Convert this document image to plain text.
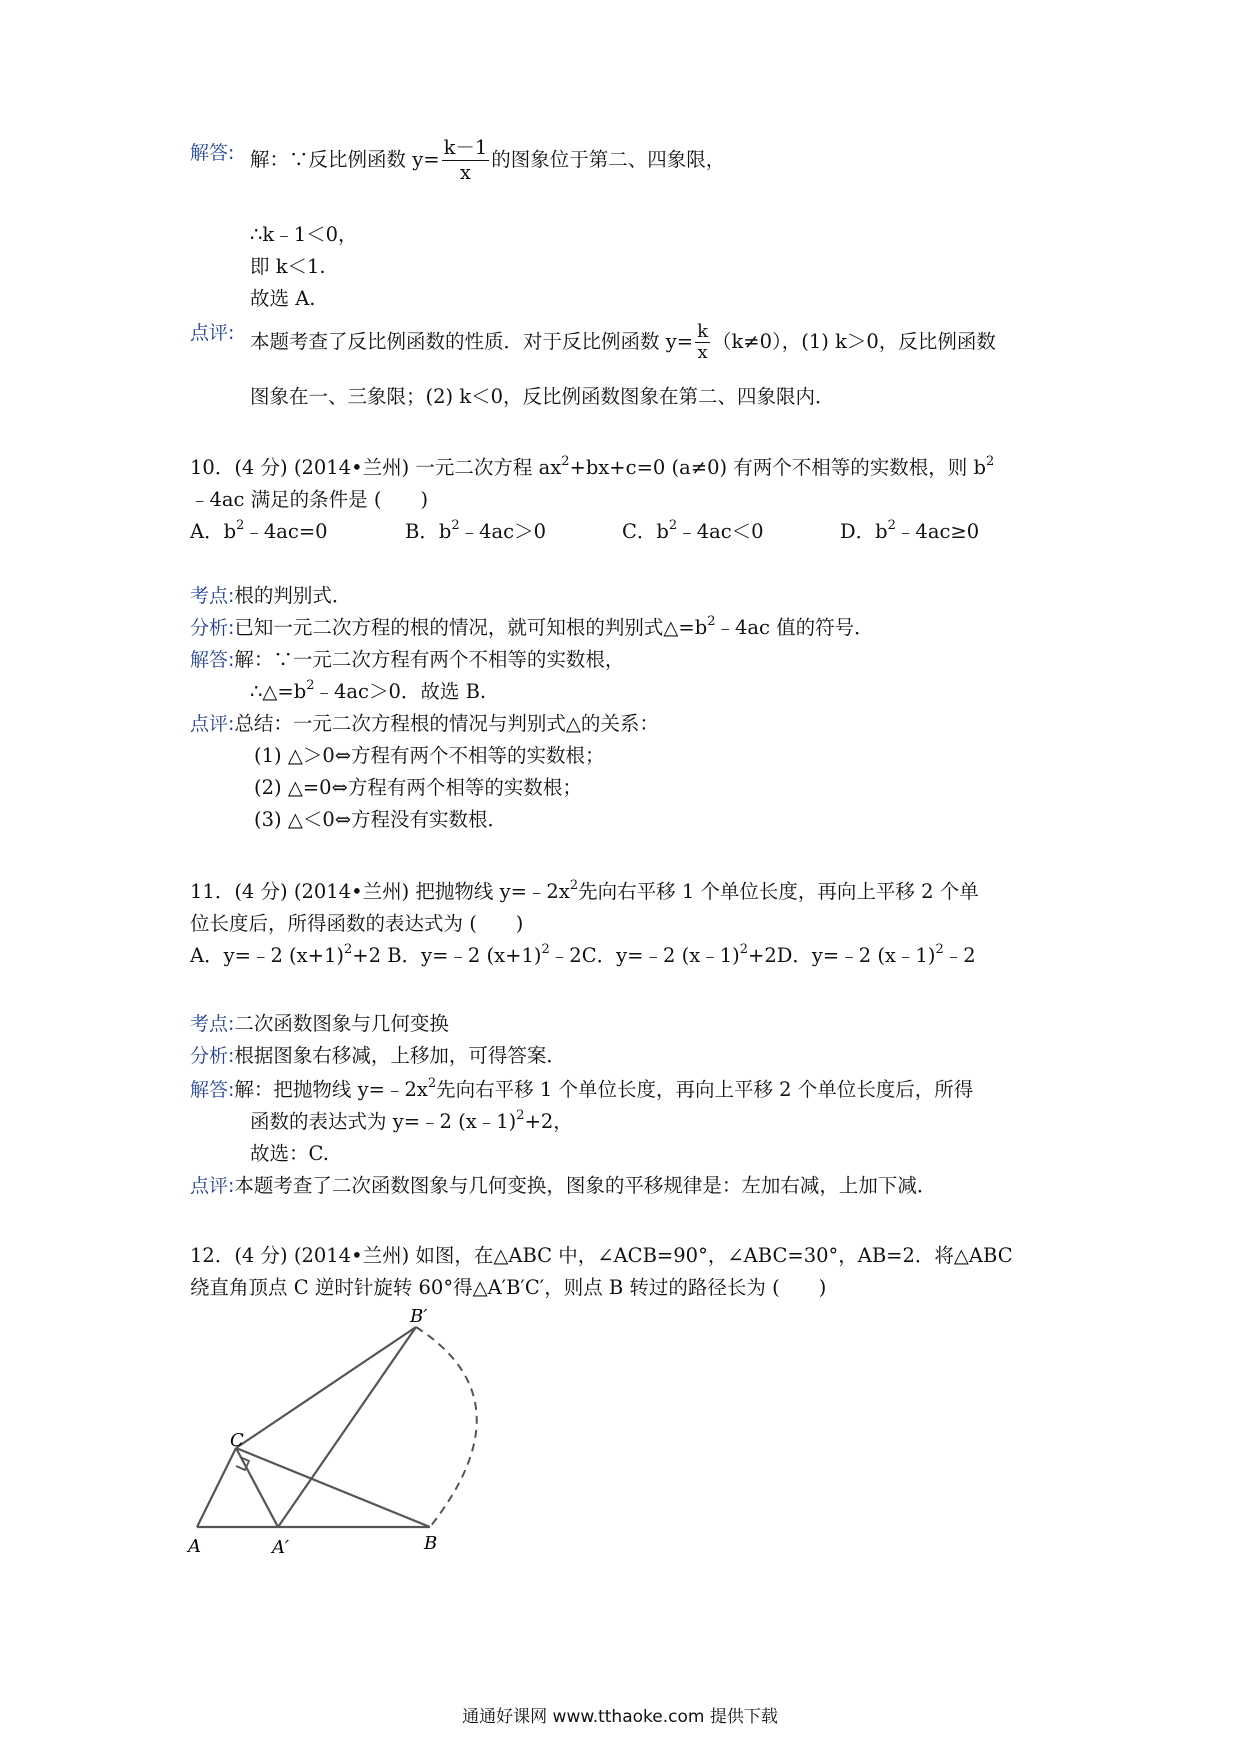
解答: 解：∵反比例函数 $y= \frac{k-1}{x}$ 的图象位于第二、四象限，
∴k﹣1＜0，
即 k＜1.
故选 A.
点评: 本题考查了反比例函数的性质．对于反比例函数 $y= \frac{k}{x} (k\ne 0)$，(1) k＞0，反比例函数
图象在一、三象限；(2) k＜0，反比例函数图象在第二、四象限内．
10．(4 分) (2014•兰州) 一元二次方程 $ax^2+bx+c=0$ (a≠0) 有两个不相等的实数根，则 $b^2$
﹣4ac 满足的条件是 (　　)
A．$b^2﹣4ac=0$	B．$b^2﹣4ac>0$	C．$b^2﹣4ac<0$	D．$b^2﹣4ac\ge 0$
考点:根的判别式．
分析:已知一元二次方程的根的情况，就可知根的判别式$\triangle=b^2﹣4ac$ 值的符号．
解答:解：∵一元二次方程有两个不相等的实数根，
$\therefore\triangle=b^2﹣4ac>0$．故选 B.
点评:总结：一元二次方程根的情况与判别式△的关系：
(1) △＞0⇔方程有两个不相等的实数根；
(2) △=0⇔方程有两个相等的实数根；
(3) △＜0⇔方程没有实数根．
11．(4 分) (2014•兰州) 把抛物线 $y=﹣2x^2$先向右平移 1 个单位长度，再向上平移 2 个单
位长度后，所得函数的表达式为 (　　)
A．y=﹣2 $(x+1)^2+2$ B．y=﹣2 $(x+1)^2﹣2C$．y=﹣2 (x﹣1)$^2$+2D．y=﹣2 (x﹣1)$^2$﹣2
考点:二次函数图象与几何变换
分析:根据图象右移减，上移加，可得答案．
解答:解：把抛物线 $y=﹣2x^2$先向右平移 1 个单位长度，再向上平移 2 个单位长度后，所得
函数的表达式为 y=﹣2 (x﹣1)$^2$+2，
故选：C.
点评:本题考查了二次函数图象与几何变换，图象的平移规律是：左加右减，上加下减．
12．(4 分) (2014•兰州) 如图，在△ABC 中，∠ACB=90°，∠ABC=30°，AB=2．将△ABC
绕直角顶点 C 逆时针旋转 60°得△A′B′C′，则点 B 转过的路径长为 (　　)
B′
C
A	A′	B
通通好课网 www.tthaoke.com 提供下载
